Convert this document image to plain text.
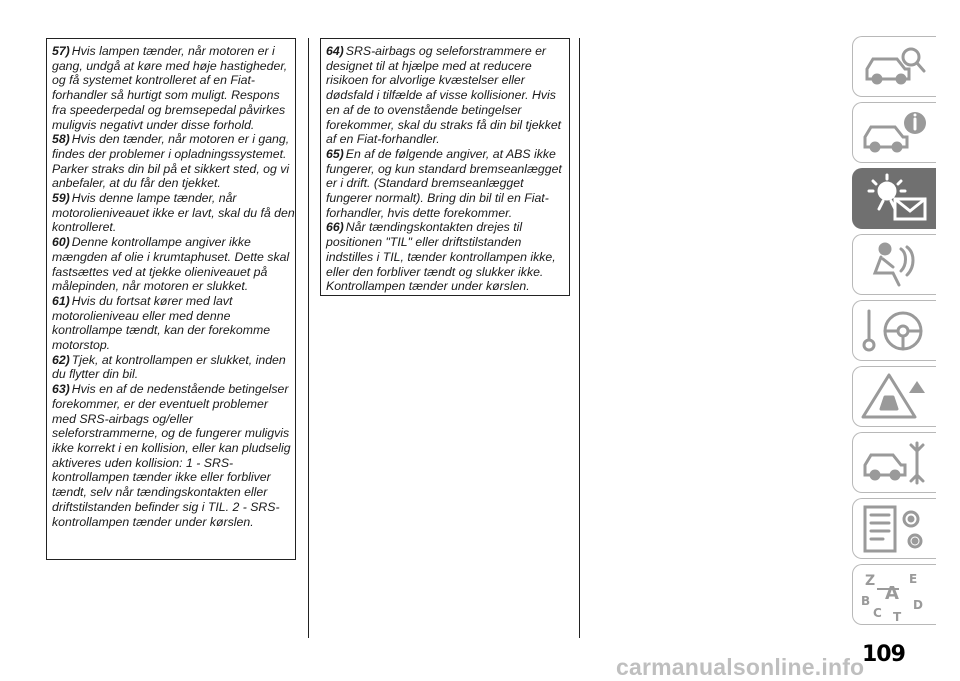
57) Hvis lampen tænder, når motoren er i gang, undgå at køre med høje hastigheder, og få systemet kontrolleret af en Fiat-forhandler så hurtigt som muligt. Respons fra speederpedal og bremsepedal påvirkes muligvis negativt under disse forhold.

58) Hvis den tænder, når motoren er i gang, findes der problemer i opladningssystemet. Parker straks din bil på et sikkert sted, og vi anbefaler, at du får den tjekket.

59) Hvis denne lampe tænder, når motorolieniveauet ikke er lavt, skal du få den kontrolleret.

60) Denne kontrollampe angiver ikke mængden af olie i krumtaphuset. Dette skal fastsættes ved at tjekke olieniveauet på målepinden, når motoren er slukket.

61) Hvis du fortsat kører med lavt motorolieniveau eller med denne kontrollampe tændt, kan der forekomme motorstop.

62) Tjek, at kontrollampen er slukket, inden du flytter din bil.

63) Hvis en af de nedenstående betingelser forekommer, er der eventuelt problemer med SRS-airbags og/eller seleforstrammerne, og de fungerer muligvis ikke korrekt i en kollision, eller kan pludselig aktiveres uden kollision: 1 - SRS-kontrollampen tænder ikke eller forbliver tændt, selv når tændingskontakten eller driftstilstanden befinder sig i TIL. 2 - SRS-kontrollampen tænder under kørslen.

64) SRS-airbags og seleforstrammere er designet til at hjælpe med at reducere risikoen for alvorlige kvæstelser eller dødsfald i tilfælde af visse kollisioner. Hvis en af de to ovenstående betingelser forekommer, skal du straks få din bil tjekket af en Fiat-forhandler.

65) En af de følgende angiver, at ABS ikke fungerer, og kun standard bremseanlægget er i drift. (Standard bremseanlægget fungerer normalt). Bring din bil til en Fiat-forhandler, hvis dette forekommer.

66) Når tændingskontakten drejes til positionen "TIL" eller driftstilstanden indstilles i TIL, tænder kontrollampen ikke, eller den forbliver tændt og slukker ikke. Kontrollampen tænder under kørslen.

Z	E
A
B	D
C T
109
carmanualsonline.info
